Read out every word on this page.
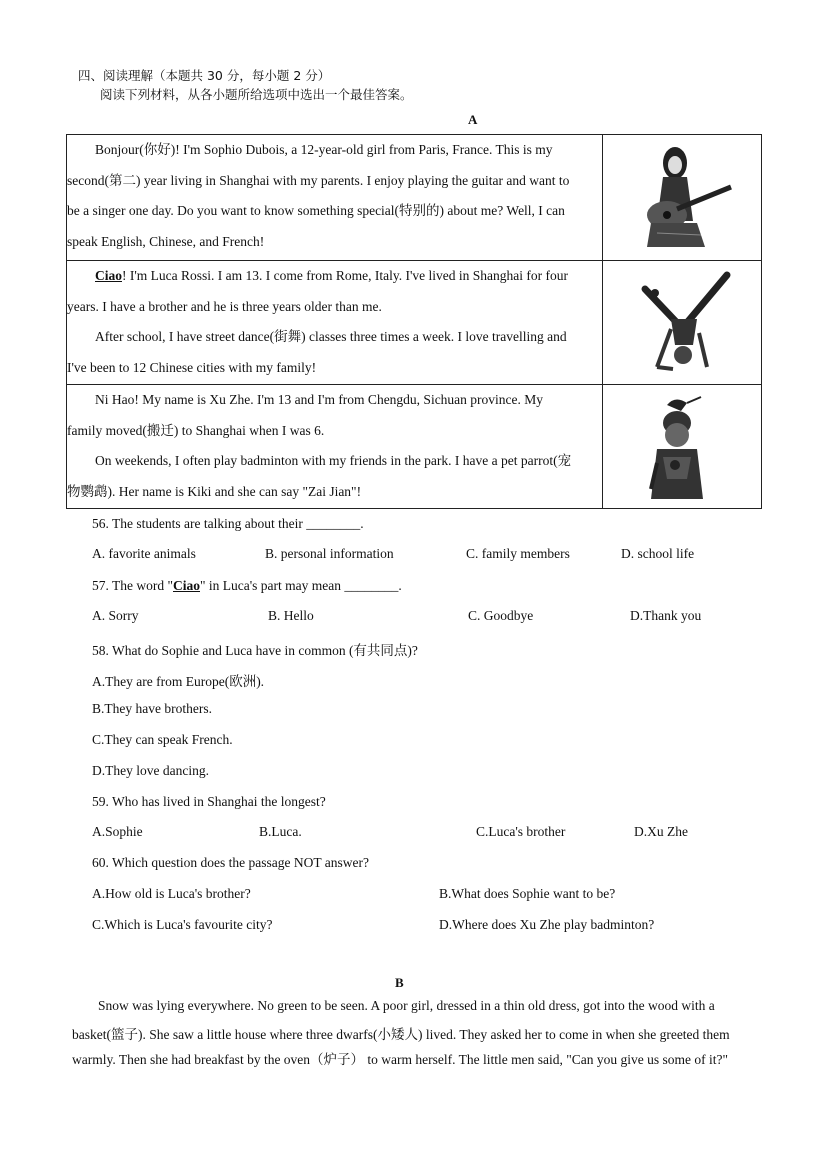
四、阅读理解（本题共 30 分，每小题 2 分）
阅读下列材料，从各小题所给选项中选出一个最佳答案。
A
Bonjour(你好)! I'm Sophio Dubois, a 12-year-old girl from Paris, France. This is my
second(第二) year living in Shanghai with my parents. I enjoy playing the guitar and want to
be a singer one day. Do you want to know something special(特别的) about me? Well, I can
speak English, Chinese, and French!

Ciao! I'm Luca Rossi. I am 13. I come from Rome, Italy. I've lived in Shanghai for four
years. I have a brother and he is three years older than me.
After school, I have street dance(街舞) classes three times a week. I love travelling and
I've been to 12 Chinese cities with my family!

Ni Hao! My name is Xu Zhe. I'm 13 and I'm from Chengdu, Sichuan province. My
family moved(搬迁) to Shanghai when I was 6.
On weekends, I often play badminton with my friends in the park. I have a pet parrot(宠
物鹦鹉). Her name is Kiki and she can say "Zai Jian"!

56. The students are talking about their ________.
A. favorite animals	B. personal information	C. family members	D. school life
57. The word "Ciao" in Luca's part may mean ________.
A. Sorry	B. Hello	C. Goodbye	D.Thank you
58. What do Sophie and Luca have in common (有共同点)?
A.They are from Europe(欧洲).
B.They have brothers.
C.They can speak French.
D.They love dancing.
59. Who has lived in Shanghai the longest?
A.Sophie	B.Luca.	C.Luca's brother	D.Xu Zhe
60. Which question does the passage NOT answer?
A.How old is Luca's brother?	B.What does Sophie want to be?
C.Which is Luca's favourite city?	D.Where does Xu Zhe play badminton?
B
Snow was lying everywhere. No green to be seen. A poor girl, dressed in a thin old dress, got into the wood with a
basket(篮子). She saw a little house where three dwarfs(小矮人) lived. They asked her to come in when she greeted them
warmly. Then she had breakfast by the oven（炉子） to warm herself. The little men said, "Can you give us some of it?"
